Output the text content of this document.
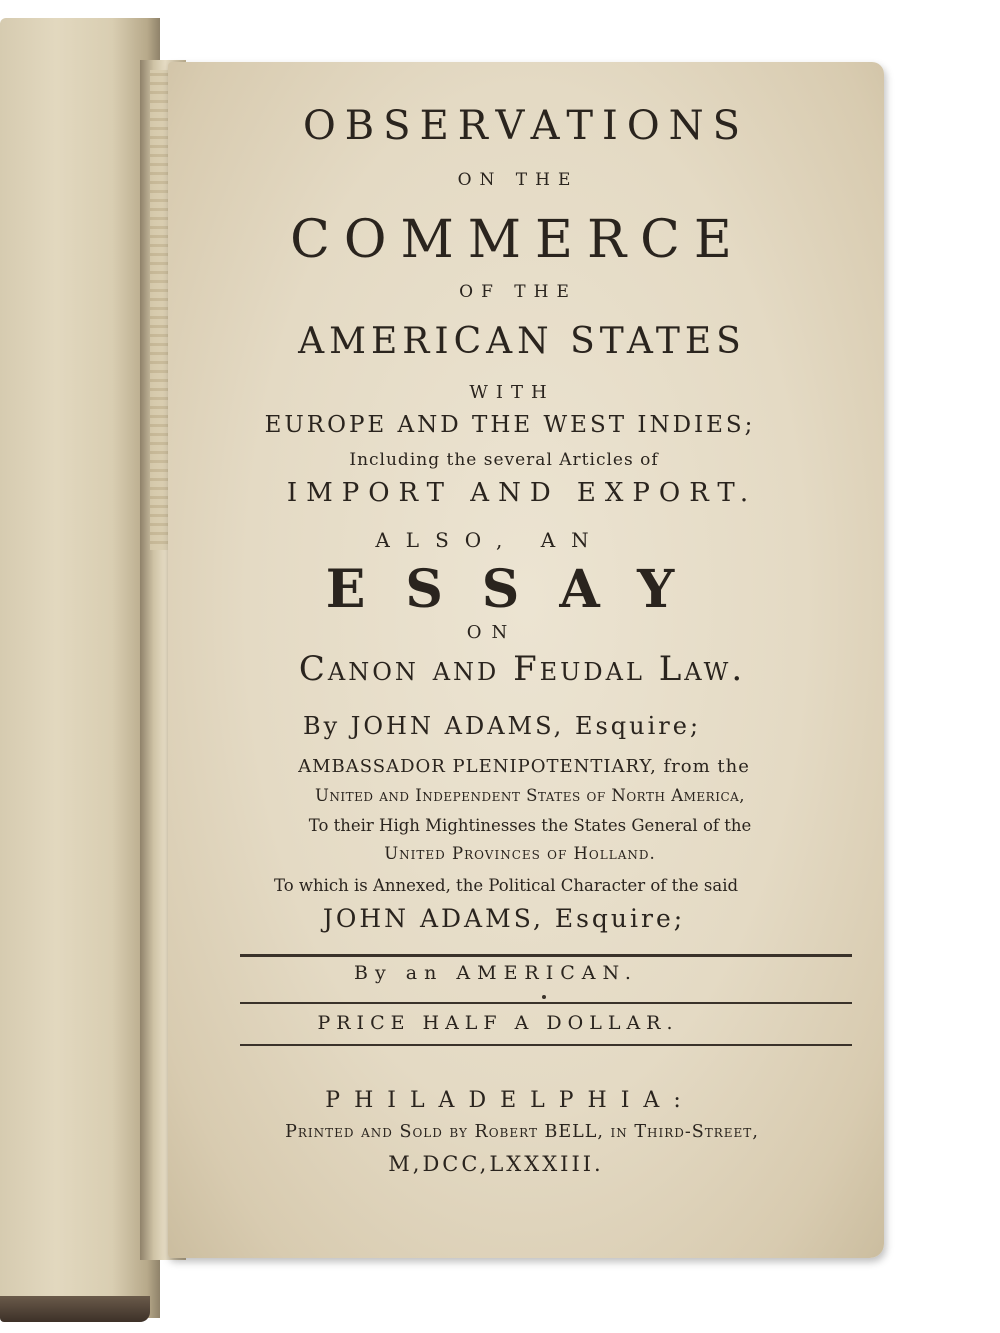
OBSERVATIONS
ON THE
COMMERCE
OF THE
AMERICAN STATES
WITH
EUROPE AND THE WEST INDIES;
Including the several Articles of
IMPORT AND EXPORT.
ALSO, AN
ESSAY
ON
Canon and Feudal Law.
By JOHN ADAMS, Esquire;
AMBASSADOR PLENIPOTENTIARY, from the
United and Independent States of North America,
To their High Mightinesses the States General of the
United Provinces of Holland.
To which is Annexed, the Political Character of the said
JOHN ADAMS, Esquire;
By an AMERICAN.
PRICE HALF A DOLLAR.
PHILADELPHIA:
Printed and Sold by Robert BELL, in Third-Street,
M,DCC,LXXXIII.
